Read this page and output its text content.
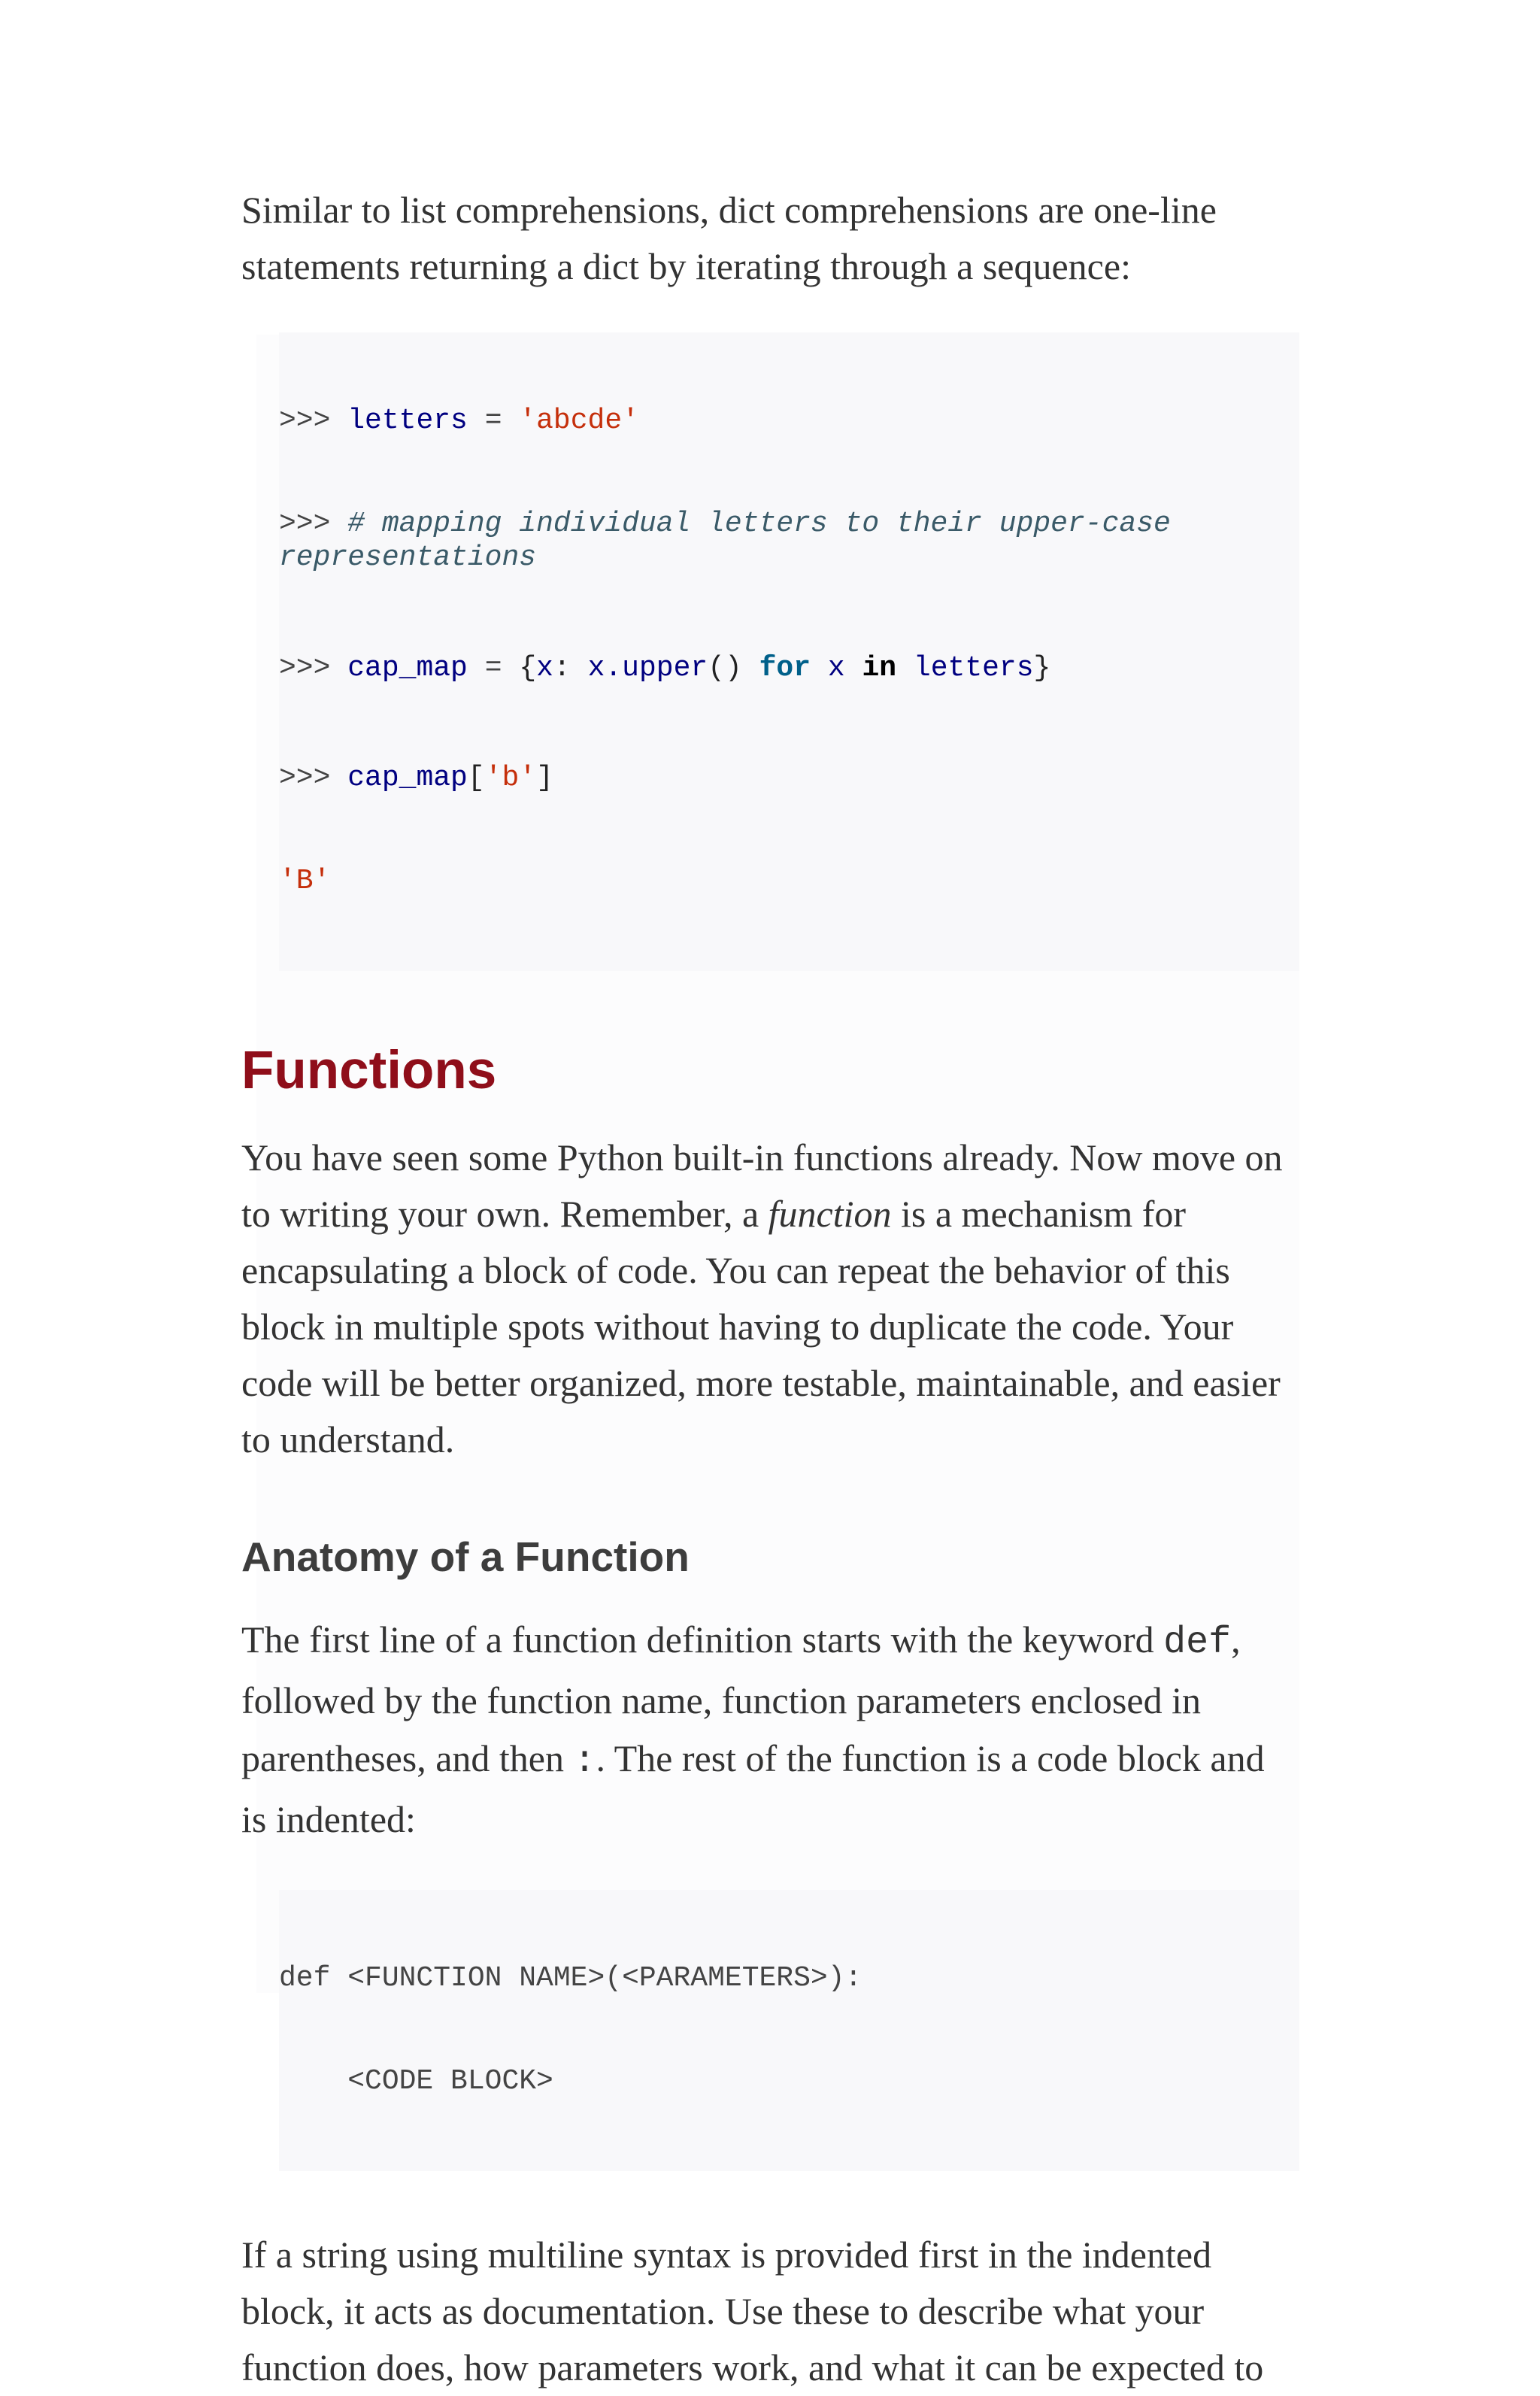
Similar to list comprehensions, dict comprehensions are one-line statements returning a dict by iterating through a sequence:

>>> letters = 'abcde'

>>> # mapping individual letters to their upper-case representations

>>> cap_map = {x: x.upper() for x in letters}

>>> cap_map['b']

'B'

Functions

You have seen some Python built-in functions already. Now move on to writing your own. Remember, a function is a mechanism for encapsulating a block of code. You can repeat the behavior of this block in multiple spots without having to duplicate the code. Your code will be better organized, more testable, maintainable, and easier to understand.

Anatomy of a Function

The first line of a function definition starts with the keyword def, followed by the function name, function parameters enclosed in parentheses, and then :. The rest of the function is a code block and is indented:

def <FUNCTION NAME>(<PARAMETERS>):

<CODE BLOCK>

If a string using multiline syntax is provided first in the indented block, it acts as documentation. Use these to describe what your function does, how parameters work, and what it can be expected to
